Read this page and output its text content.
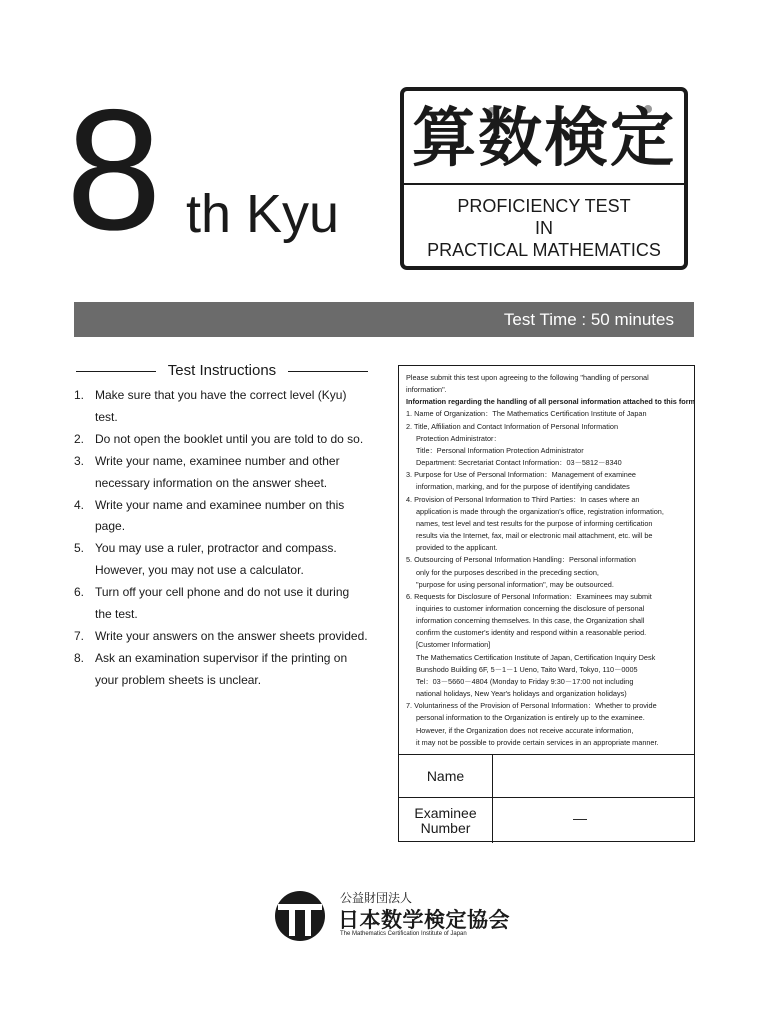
8 th Kyu
算数検定
PROFICIENCY TEST
IN
PRACTICAL MATHEMATICS
Test Time : 50 minutes
Test Instructions
1. Make sure that you have the correct level (Kyu)
test.
2. Do not open the booklet until you are told to do so.
3. Write your name, examinee number and other
necessary information on the answer sheet.
4. Write your name and examinee number on this
page.
5. You may use a ruler, protractor and compass.
However, you may not use a calculator.
6. Turn off your cell phone and do not use it during
the test.
7. Write your answers on the answer sheets provided.
8. Ask an examination supervisor if the printing on
your problem sheets is unclear.
Please submit this test upon agreeing to the following "handling of personal
information".
Information regarding the handling of all personal information attached to this form
1. Name of Organization：The Mathematics Certification Institute of Japan
2. Title, Affiliation and Contact Information of Personal Information
Protection Administrator：
Title：Personal Information Protection Administrator
Department: Secretariat Contact Information：03－5812－8340
3. Purpose for Use of Personal Information：Management of examinee
information, marking, and for the purpose of identifying candidates
4. Provision of Personal Information to Third Parties：In cases where an
application is made through the organization's office, registration information,
names, test level and test results for the purpose of informing certification
results via the Internet, fax, mail or electronic mail attachment, etc. will be
provided to the applicant.
5. Outsourcing of Personal Information Handling：Personal information
only for the purposes described in the preceding section,
"purpose for using personal information", may be outsourced.
6. Requests for Disclosure of Personal Information：Examinees may submit
inquiries to customer information concerning the disclosure of personal
information concerning themselves. In this case, the Organization shall
confirm the customer's identity and respond within a reasonable period.
[Customer Information]
The Mathematics Certification Institute of Japan, Certification Inquiry Desk
Bunshodo Building 6F, 5－1－1 Ueno, Taito Ward, Tokyo, 110－0005
Tel：03－5660－4804 (Monday to Friday 9:30－17:00 not including
national holidays, New Year's holidays and organization holidays)
7. Voluntariness of the Provision of Personal Information：Whether to provide
personal information to the Organization is entirely up to the examinee.
However, if the Organization does not receive accurate information,
it may not be possible to provide certain services in an appropriate manner.
Name
Examinee
Number
—
公益財団法人
日本数学検定協会
The Mathematics Certification Institute of Japan
